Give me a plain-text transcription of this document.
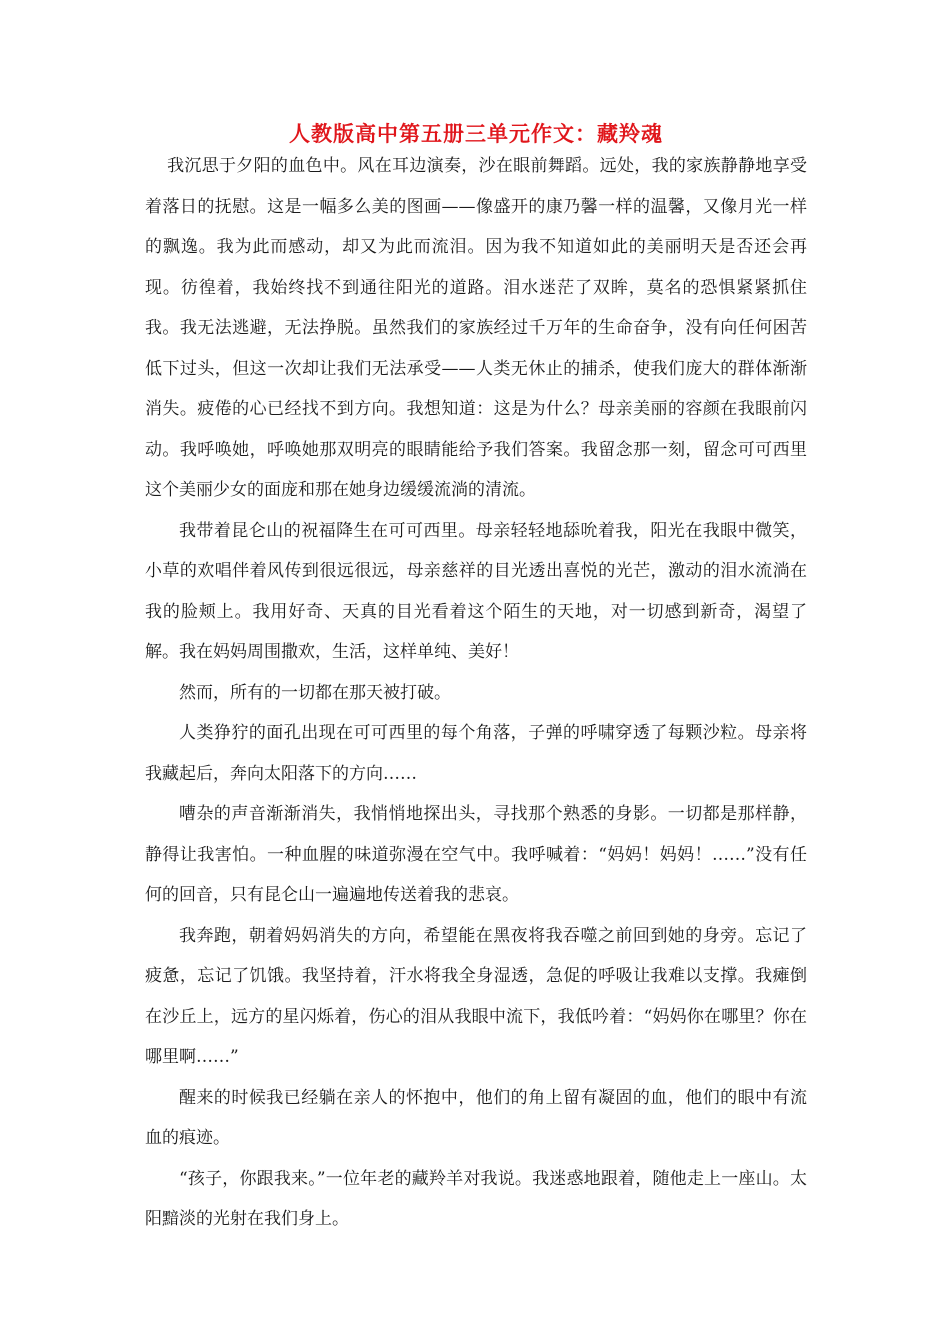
人教版高中第五册三单元作文：藏羚魂

我沉思于夕阳的血色中。风在耳边演奏，沙在眼前舞蹈。远处，我的家族静静地享受着落日的抚慰。这是一幅多么美的图画——像盛开的康乃馨一样的温馨，又像月光一样的飘逸。我为此而感动，却又为此而流泪。因为我不知道如此的美丽明天是否还会再现。彷徨着，我始终找不到通往阳光的道路。泪水迷茫了双眸，莫名的恐惧紧紧抓住我。我无法逃避，无法挣脱。虽然我们的家族经过千万年的生命奋争，没有向任何困苦低下过头，但这一次却让我们无法承受——人类无休止的捕杀，使我们庞大的群体渐渐消失。疲倦的心已经找不到方向。我想知道：这是为什么？母亲美丽的容颜在我眼前闪动。我呼唤她，呼唤她那双明亮的眼睛能给予我们答案。我留念那一刻，留念可可西里这个美丽少女的面庞和那在她身边缓缓流淌的清流。

我带着昆仑山的祝福降生在可可西里。母亲轻轻地舔吮着我，阳光在我眼中微笑，小草的欢唱伴着风传到很远很远，母亲慈祥的目光透出喜悦的光芒，激动的泪水流淌在我的脸颊上。我用好奇、天真的目光看着这个陌生的天地，对一切感到新奇，渴望了解。我在妈妈周围撒欢，生活，这样单纯、美好！

然而，所有的一切都在那天被打破。

人类狰狞的面孔出现在可可西里的每个角落，子弹的呼啸穿透了每颗沙粒。母亲将我藏起后，奔向太阳落下的方向……

嘈杂的声音渐渐消失，我悄悄地探出头，寻找那个熟悉的身影。一切都是那样静，静得让我害怕。一种血腥的味道弥漫在空气中。我呼喊着：“妈妈！妈妈！……”没有任何的回音，只有昆仑山一遍遍地传送着我的悲哀。

我奔跑，朝着妈妈消失的方向，希望能在黑夜将我吞噬之前回到她的身旁。忘记了疲惫，忘记了饥饿。我坚持着，汗水将我全身湿透，急促的呼吸让我难以支撑。我瘫倒在沙丘上，远方的星闪烁着，伤心的泪从我眼中流下，我低吟着：“妈妈你在哪里？你在哪里啊……”

醒来的时候我已经躺在亲人的怀抱中，他们的角上留有凝固的血，他们的眼中有流血的痕迹。

“孩子，你跟我来。”一位年老的藏羚羊对我说。我迷惑地跟着，随他走上一座山。太阳黯淡的光射在我们身上。
